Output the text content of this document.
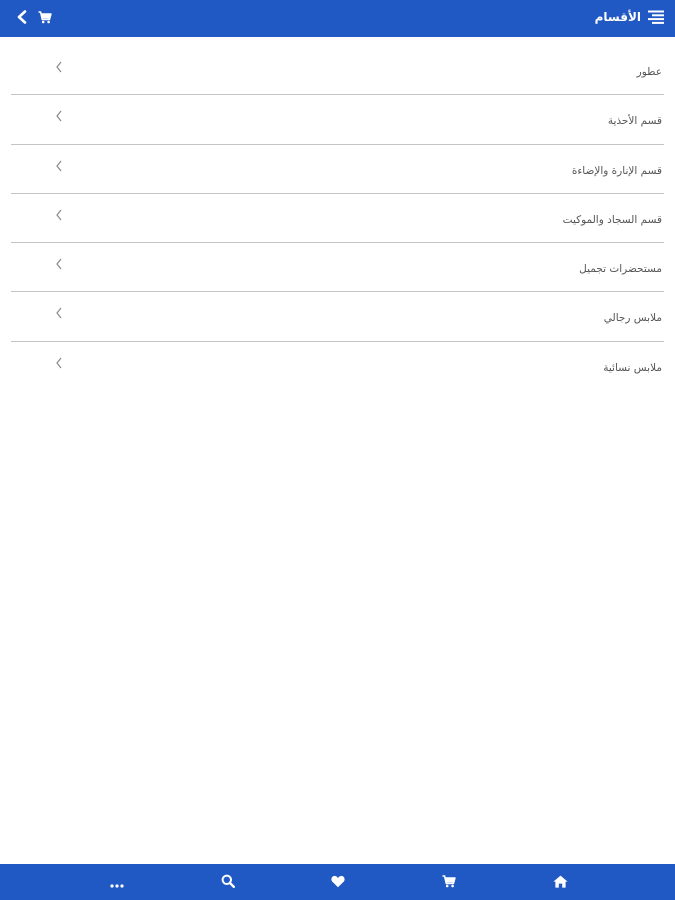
الأقسام
عطور
قسم الأحذية
قسم الإنارة والإضاءة
قسم السجاد والموكيت
مستحضرات تجميل
ملابس رجالي
ملابس نسائية
